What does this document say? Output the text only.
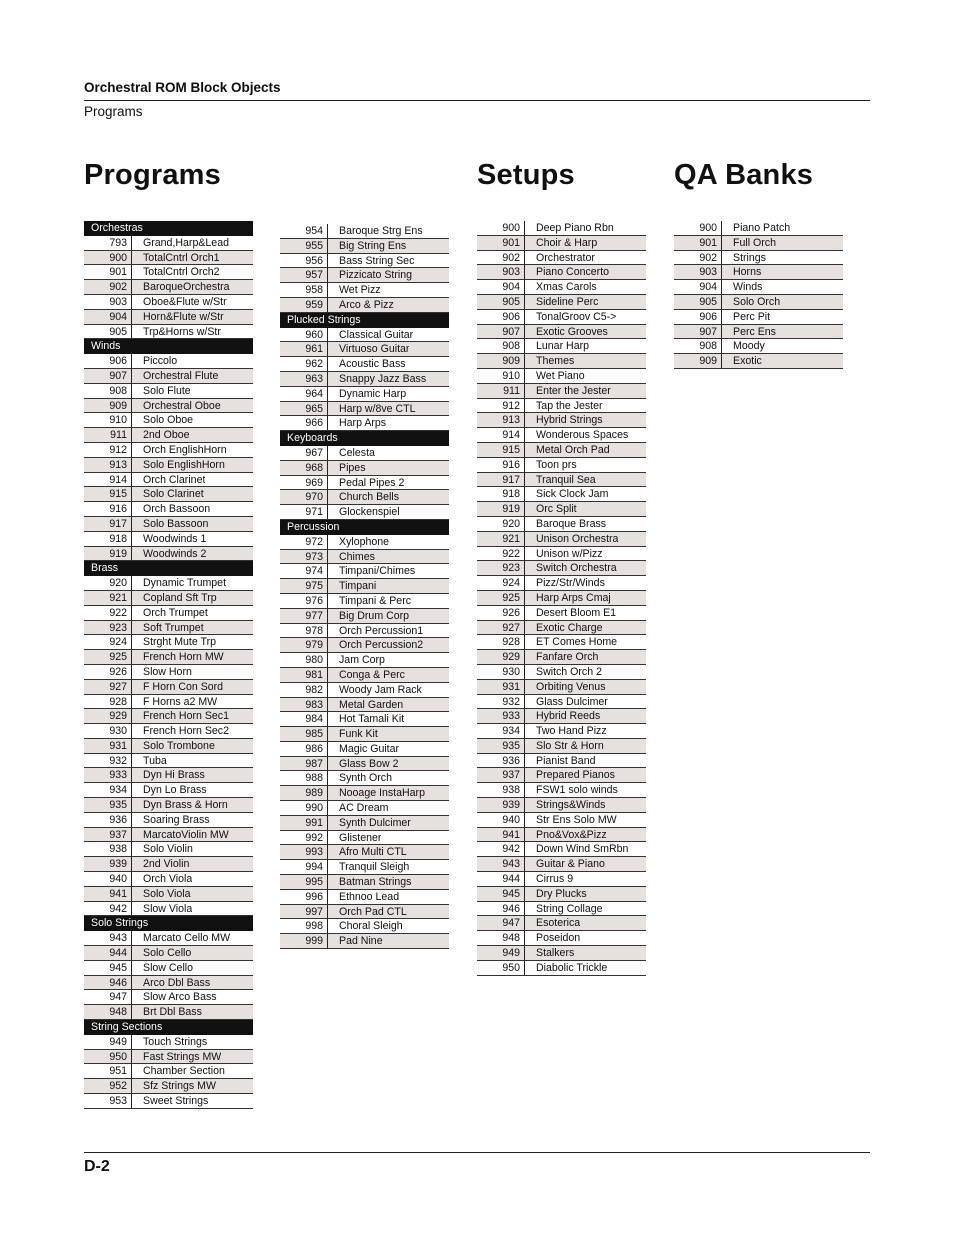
Orchestral ROM Block Objects
Programs
Programs	Setups	QA Banks
Orchestras
793	Grand,Harp&Lead
900	TotalCntrl Orch1
901	TotalCntrl Orch2
902	BaroqueOrchestra
903	Oboe&Flute w/Str
904	Horn&Flute w/Str
905	Trp&Horns w/Str
Winds
906	Piccolo
907	Orchestral Flute
908	Solo Flute
909	Orchestral Oboe
910	Solo Oboe
911	2nd Oboe
912	Orch EnglishHorn
913	Solo EnglishHorn
914	Orch Clarinet
915	Solo Clarinet
916	Orch Bassoon
917	Solo Bassoon
918	Woodwinds 1
919	Woodwinds 2
Brass
920	Dynamic Trumpet
921	Copland Sft Trp
922	Orch Trumpet
923	Soft Trumpet
924	Strght Mute Trp
925	French Horn MW
926	Slow Horn
927	F Horn Con Sord
928	F Horns a2 MW
929	French Horn Sec1
930	French Horn Sec2
931	Solo Trombone
932	Tuba
933	Dyn Hi Brass
934	Dyn Lo Brass
935	Dyn Brass & Horn
936	Soaring Brass
937	MarcatoViolin MW
938	Solo Violin
939	2nd Violin
940	Orch Viola
941	Solo Viola
942	Slow Viola
Solo Strings
943	Marcato Cello MW
944	Solo Cello
945	Slow Cello
946	Arco Dbl Bass
947	Slow Arco Bass
948	Brt Dbl Bass
String Sections
949	Touch Strings
950	Fast Strings MW
951	Chamber Section
952	Sfz Strings MW
953	Sweet Strings
954	Baroque Strg Ens
955	Big String Ens
956	Bass String Sec
957	Pizzicato String
958	Wet Pizz
959	Arco & Pizz
Plucked Strings
960	Classical Guitar
961	Virtuoso Guitar
962	Acoustic Bass
963	Snappy Jazz Bass
964	Dynamic Harp
965	Harp w/8ve CTL
966	Harp Arps
Keyboards
967	Celesta
968	Pipes
969	Pedal Pipes 2
970	Church Bells
971	Glockenspiel
Percussion
972	Xylophone
973	Chimes
974	Timpani/Chimes
975	Timpani
976	Timpani & Perc
977	Big Drum Corp
978	Orch Percussion1
979	Orch Percussion2
980	Jam Corp
981	Conga & Perc
982	Woody Jam Rack
983	Metal Garden
984	Hot Tamali Kit
985	Funk Kit
986	Magic Guitar
987	Glass Bow 2
988	Synth Orch
989	Nooage InstaHarp
990	AC Dream
991	Synth Dulcimer
992	Glistener
993	Afro Multi CTL
994	Tranquil Sleigh
995	Batman Strings
996	Ethnoo Lead
997	Orch Pad CTL
998	Choral Sleigh
999	Pad Nine
900	Deep Piano Rbn
901	Choir & Harp
902	Orchestrator
903	Piano Concerto
904	Xmas Carols
905	Sideline Perc
906	TonalGroov C5->
907	Exotic Grooves
908	Lunar Harp
909	Themes
910	Wet Piano
911	Enter the Jester
912	Tap the Jester
913	Hybrid Strings
914	Wonderous Spaces
915	Metal Orch Pad
916	Toon prs
917	Tranquil Sea
918	Sick Clock Jam
919	Orc Split
920	Baroque Brass
921	Unison Orchestra
922	Unison w/Pizz
923	Switch Orchestra
924	Pizz/Str/Winds
925	Harp Arps Cmaj
926	Desert Bloom E1
927	Exotic Charge
928	ET Comes Home
929	Fanfare Orch
930	Switch Orch 2
931	Orbiting Venus
932	Glass Dulcimer
933	Hybrid Reeds
934	Two Hand Pizz
935	Slo Str & Horn
936	Pianist Band
937	Prepared Pianos
938	FSW1 solo winds
939	Strings&Winds
940	Str Ens Solo MW
941	Pno&Vox&Pizz
942	Down Wind SmRbn
943	Guitar & Piano
944	Cirrus 9
945	Dry Plucks
946	String Collage
947	Esoterica
948	Poseidon
949	Stalkers
950	Diabolic Trickle
900	Piano Patch
901	Full Orch
902	Strings
903	Horns
904	Winds
905	Solo Orch
906	Perc Pit
907	Perc Ens
908	Moody
909	Exotic
D-2
